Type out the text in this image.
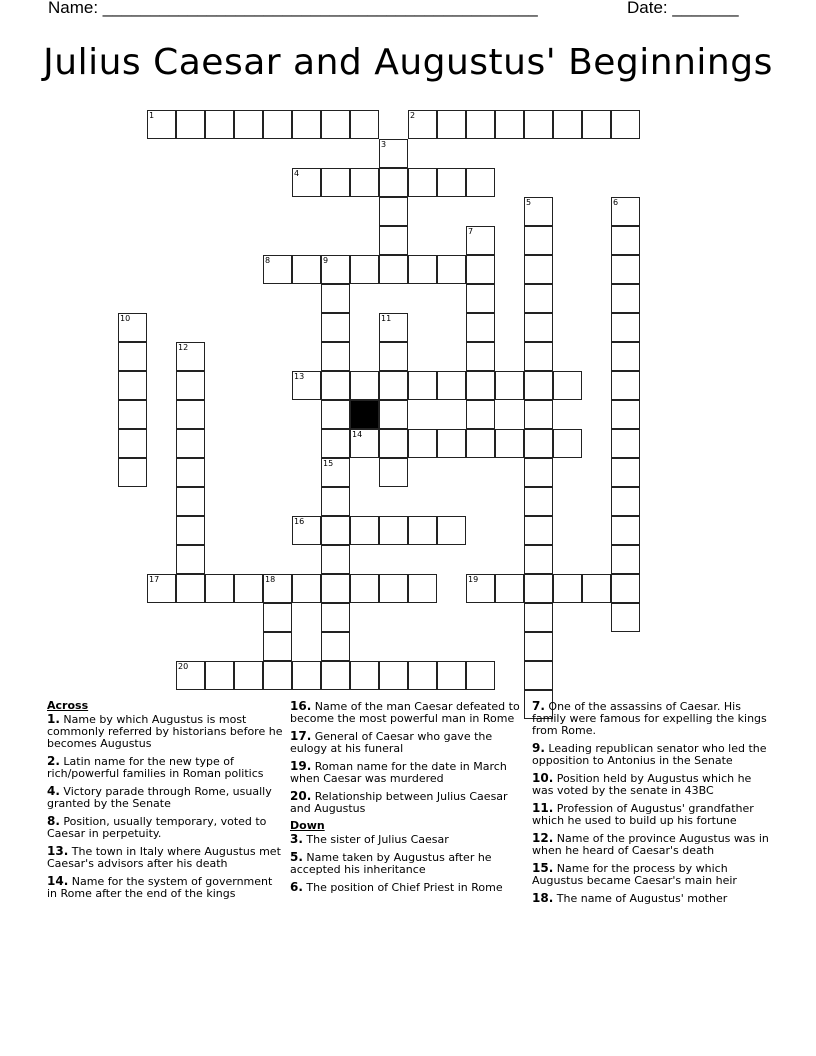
Name: ______________________________________________	Date: _______
Julius Caesar and Augustus' Beginnings
1	2
4
8	9
13
14
16
17	18	19
20
3
5	6
7
15
10	11
12
Across
1. Name by which Augustus is most commonly referred by historians before he becomes Augustus
2. Latin name for the new type of rich/powerful families in Roman politics
4. Victory parade through Rome, usually granted by the Senate
8. Position, usually temporary, voted to Caesar in perpetuity.
13. The town in Italy where Augustus met Caesar's advisors after his death
14. Name for the system of government in Rome after the end of the kings
16. Name of the man Caesar defeated to become the most powerful man in Rome
17. General of Caesar who gave the eulogy at his funeral
19. Roman name for the date in March when Caesar was murdered
20. Relationship between Julius Caesar and Augustus
Down
3. The sister of Julius Caesar
5. Name taken by Augustus after he accepted his inheritance
6. The position of Chief Priest in Rome
7. One of the assassins of Caesar. His family were famous for expelling the kings from Rome.
9. Leading republican senator who led the opposition to Antonius in the Senate
10. Position held by Augustus which he was voted by the senate in 43BC
11. Profession of Augustus' grandfather which he used to build up his fortune
12. Name of the province Augustus was in when he heard of Caesar's death
15. Name for the process by which Augustus became Caesar's main heir
18. The name of Augustus' mother
